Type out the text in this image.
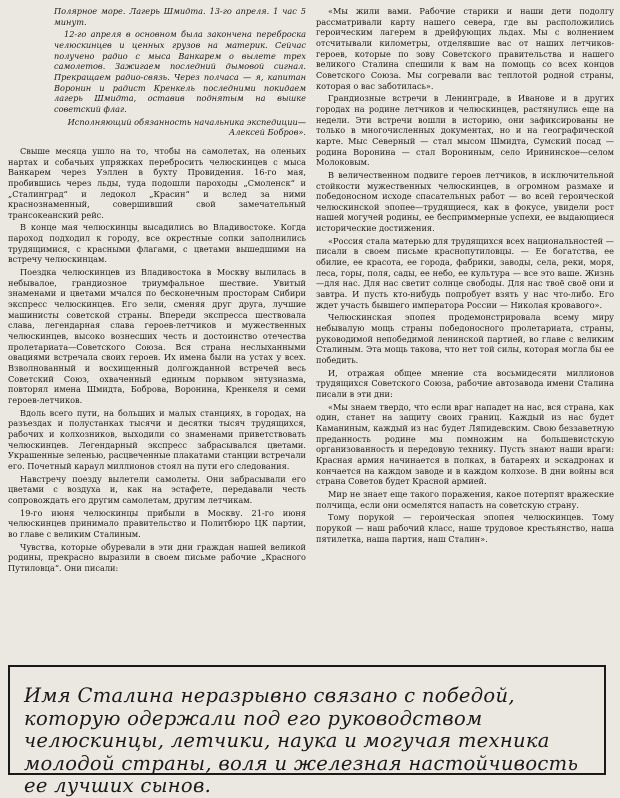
Полярное море. Лагерь Шмидта. 13-го апреля. 1 час 5 минут.

12-го апреля в основном была закончена переброска челюскинцев и ценных грузов на материк. Сейчас получено радио с мыса Ванкарем о вылете трех самолетов. Зажигаем последний дымовой сигнал. Прекращаем радио-связь. Через полчаса — я, капитан Воронин и радист Кренкель последними покидаем лагерь Шмидта, оставив поднятым на вышке советский флаг.

Исполняющий обязанность начальника экспедиции—Алексей Бобров».

Свыше месяца ушло на то, чтобы на самолетах, на оленьих нартах и собачьих упряжках перебросить челюскинцев с мыса Ванкарем через Уэллен в бухту Провидения. 16-го мая, пробившись через льды, туда подошли пароходы „Смоленск“ и „Сталинград“ и ледокол „Красин“ и вслед за ними краснознаменный, совершивший свой замечательный трансокеанский рейс.

В конце мая челюскинцы высадились во Владивостоке. Когда пароход подходил к городу, все окрестные сопки заполнились трудящимися, с красными флагами, с цветами вышедшими на встречу челюскинцам.

Поездка челюскинцев из Владивостока в Москву вылилась в небывалое, грандиозное триумфальное шествие. Увитый знаменами и цветами мчался по бесконечным просторам Сибири экспресс челюскинцев. Его зели, сменяя друг друга, лучшие машинисты советской страны. Впереди экспресса шествовала слава, легендарная слава героев-летчиков и мужественных челюскинцев, высоко вознесших честь и достоинство отечества пролетариата—Советского Союза. Вся страна неслыханными овациями встречала своих героев. Их имена были на устах у всех. Взволнованный и восхищенный долгожданной встречей весь Советский Союз, охваченный единым порывом энтузиазма, повторял имена Шмидта, Боброва, Воронина, Кренкеля и семи героев-летчиков.

Вдоль всего пути, на больших и малых станциях, в городах, на разъездах и полустанках тысячи и десятки тысяч трудящихся, рабочих и колхозников, выходили со знаменами приветствовать челюскинцев. Легендарный экспресс забрасывался цветами. Украшенные зеленью, расцвеченные плакатами станции встречали его. Почетный караул миллионов стоял на пути его следования.

Навстречу поезду вылетели самолеты. Они забрасывали его цветами с воздуха и, как на эстафете, передавали честь сопровождать его другим самолетам, другим летчикам.

19-го июня челюскинцы прибыли в Москву. 21-го июня челюскинцев принимало правительство и Политбюро ЦК партии, во главе с великим Сталиным.

Чувства, которые обуревали в эти дни граждан нашей великой родины, прекрасно выразили в своем письме рабочие „Красного Путиловца“. Они писали:

«Мы жили вами. Рабочие старики и наши дети подолгу рассматривали карту нашего севера, где вы расположились героическим лагерем в дрейфующих льдах. Мы с волнением отсчитывали километры, отделявшие вас от наших летчиков-героев, которые по зову Советского правительства и нашего великого Сталина спешили к вам на помощь со всех концов Советского Союза. Мы согревали вас теплотой родной страны, которая о вас заботилась».

Грандиозные встречи в Ленинграде, в Иванове и в других городах на родине летчиков и челюскинцев, растянулись еще на недели. Эти встречи вошли в историю, они зафиксированы не только в многочисленных документах, но и на географической карте. Мыс Северный — стал мысом Шмидта, Сумский посад — родина Воронина — стал Ворониным, село Ирининское—селом Молоковым.

В величественном подвиге героев летчиков, в исключительной стойкости мужественных челюскинцев, в огромном размахе и победоносном исходе спасательных работ — во всей героической челюскинской эпопее—трудящиеся, как в фокусе, увидели рост нашей могучей родины, ее бесприммерные успехи, ее выдающиеся исторические достижения.

«Россия стала матерью для трудящихся всех национальностей — писали в своем письме краснопутиловцы. — Ее богатства, ее обилие, ее красота, ее города, фабрики, заводы, села, реки, моря, леса, горы, поля, сады, ее небо, ее культура — все это ваше. Жизнь—для нас. Для нас светит солнце свободы. Для нас твоё своё они и завтра. И пусть кто-нибудь попробует взять у нас что-либо. Его ждет участь бывшего императора России — Николая кровавого».

Челюскинская эпопея продемонстрировала всему миру небывалую мощь страны победоносного пролетариата, страны, руководимой непобедимой ленинской партией, во главе с великим Сталиным. Эта мощь такова, что нет той силы, которая могла бы ее победить.

И, отражая общее мнение ста восьмидесяти миллионов трудящихся Советского Союза, рабочие автозавода имени Сталина писали в эти дни:

«Мы знаем твердо, что если враг нападет на нас, вся страна, как один, станет на защиту своих границ. Каждый из нас будет Каманиным, каждый из нас будет Ляпидевским. Свою беззаветную преданность родине мы помножим на большевистскую организованность и передовую технику. Пусть знают наши враги: Красная армия начинается в полках, в батареях и эскадронах и кончается на каждом заводе и в каждом колхозе. В дни войны вся страна Советов будет Красной армией.

Мир не знает еще такого поражения, какое потерпят вражеские полчища, если они осмелятся напасть на советскую страну.

Тому порукой — героическая эпопея челюскинцев. Тому порукой — наш рабочий класс, наше трудовое крестьянство, наша пятилетка, наша партия, наш Сталин».

Имя Сталина неразрывно связано с победой, которую одержали под его руководством челюскинцы, летчики, наука и могучая техника молодой страны, воля и железная настойчивость ее лучших сынов.
